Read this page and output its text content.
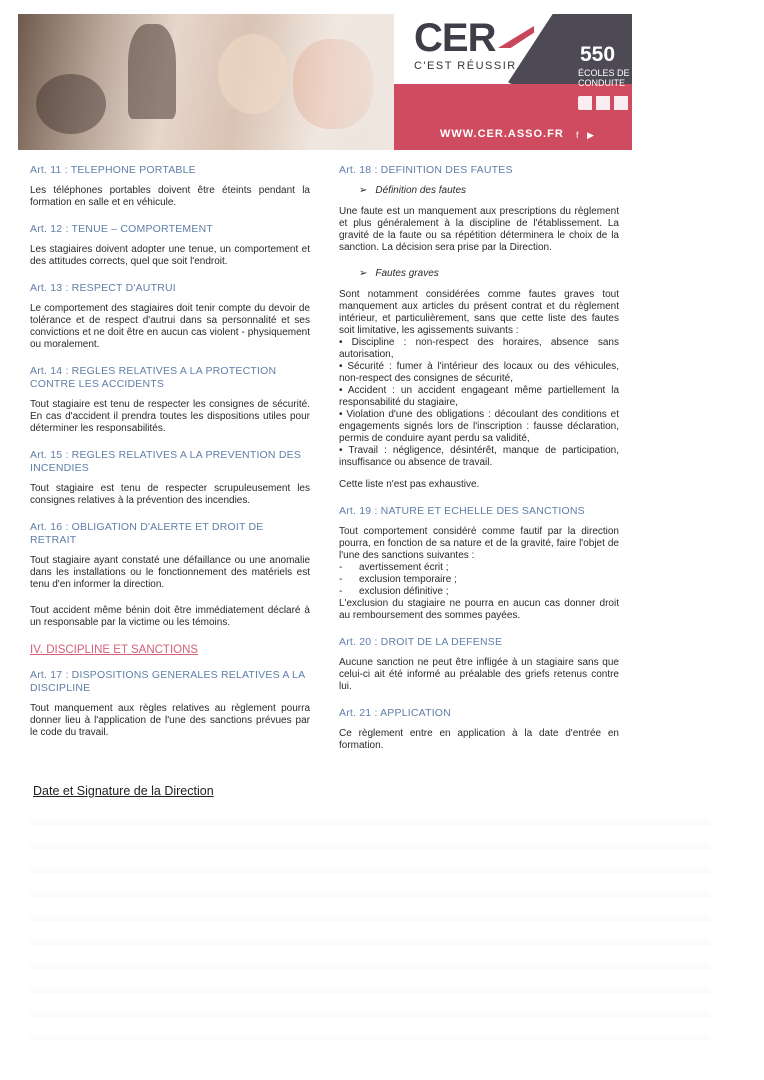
CER
C'EST RÉUSSIR	550
ÉCOLES DE CONDUITE
WWW.CER.ASSO.FR f ▶
Art. 11 : TELEPHONE PORTABLE

Les téléphones portables doivent être éteints pendant la formation en salle et en véhicule.

Art. 12 : TENUE – COMPORTEMENT

Les stagiaires doivent adopter une tenue, un comportement et des attitudes corrects, quel que soit l'endroit.

Art. 13 : RESPECT D'AUTRUI

Le comportement des stagiaires doit tenir compte du devoir de tolérance et de respect d'autrui dans sa personnalité et ses convictions et ne doit être en aucun cas violent - physiquement ou moralement.

Art. 14 : REGLES RELATIVES A LA PROTECTION CONTRE LES ACCIDENTS

Tout stagiaire est tenu de respecter les consignes de sécurité. En cas d'accident il prendra toutes les dispositions utiles pour déterminer les responsabilités.

Art. 15 : REGLES RELATIVES A LA PREVENTION DES INCENDIES

Tout stagiaire est tenu de respecter scrupuleusement les consignes relatives à la prévention des incendies.

Art. 16 : OBLIGATION D'ALERTE ET DROIT DE RETRAIT

Tout stagiaire ayant constaté une défaillance ou une anomalie dans les installations ou le fonctionnement des matériels est tenu d'en informer la direction.

Tout accident même bénin doit être immédiatement déclaré à un responsable par la victime ou les témoins.

IV. DISCIPLINE ET SANCTIONS
Art. 17 : DISPOSITIONS GENERALES RELATIVES A LA DISCIPLINE

Tout manquement aux règles relatives au règlement pourra donner lieu à l'application de l'une des sanctions prévues par le code du travail.

Art. 18 : DEFINITION DES FAUTES
➢ Définition des fautes

Une faute est un manquement aux prescriptions du règlement et plus généralement à la discipline de l'établissement. La gravité de la faute ou sa répétition déterminera le choix de la sanction. La décision sera prise par la Direction.

➢ Fautes graves

Sont notamment considérées comme fautes graves tout manquement aux articles du présent contrat et du règlement intérieur, et particulièrement, sans que cette liste des fautes soit limitative, les agissements suivants :

• Discipline : non-respect des horaires, absence sans autorisation,

• Sécurité : fumer à l'intérieur des locaux ou des véhicules, non-respect des consignes de sécurité,

• Accident : un accident engageant même partiellement la responsabilité du stagiaire,

• Violation d'une des obligations : découlant des conditions et engagements signés lors de l'inscription : fausse déclaration, permis de conduire ayant perdu sa validité,

• Travail : négligence, désintérêt, manque de participation, insuffisance ou absence de travail.

Cette liste n'est pas exhaustive.

Art. 19 : NATURE ET ECHELLE DES SANCTIONS

Tout comportement considéré comme fautif par la direction pourra, en fonction de sa nature et de la gravité, faire l'objet de l'une des sanctions suivantes :

- avertissement écrit ;
- exclusion temporaire ;
- exclusion définitive ;

L'exclusion du stagiaire ne pourra en aucun cas donner droit au remboursement des sommes payées.

Art. 20 : DROIT DE LA DEFENSE

Aucune sanction ne peut être infligée à un stagiaire sans que celui-ci ait été informé au préalable des griefs retenus contre lui.

Art. 21 : APPLICATION

Ce règlement entre en application à la date d'entrée en formation.

Date et Signature de la Direction
